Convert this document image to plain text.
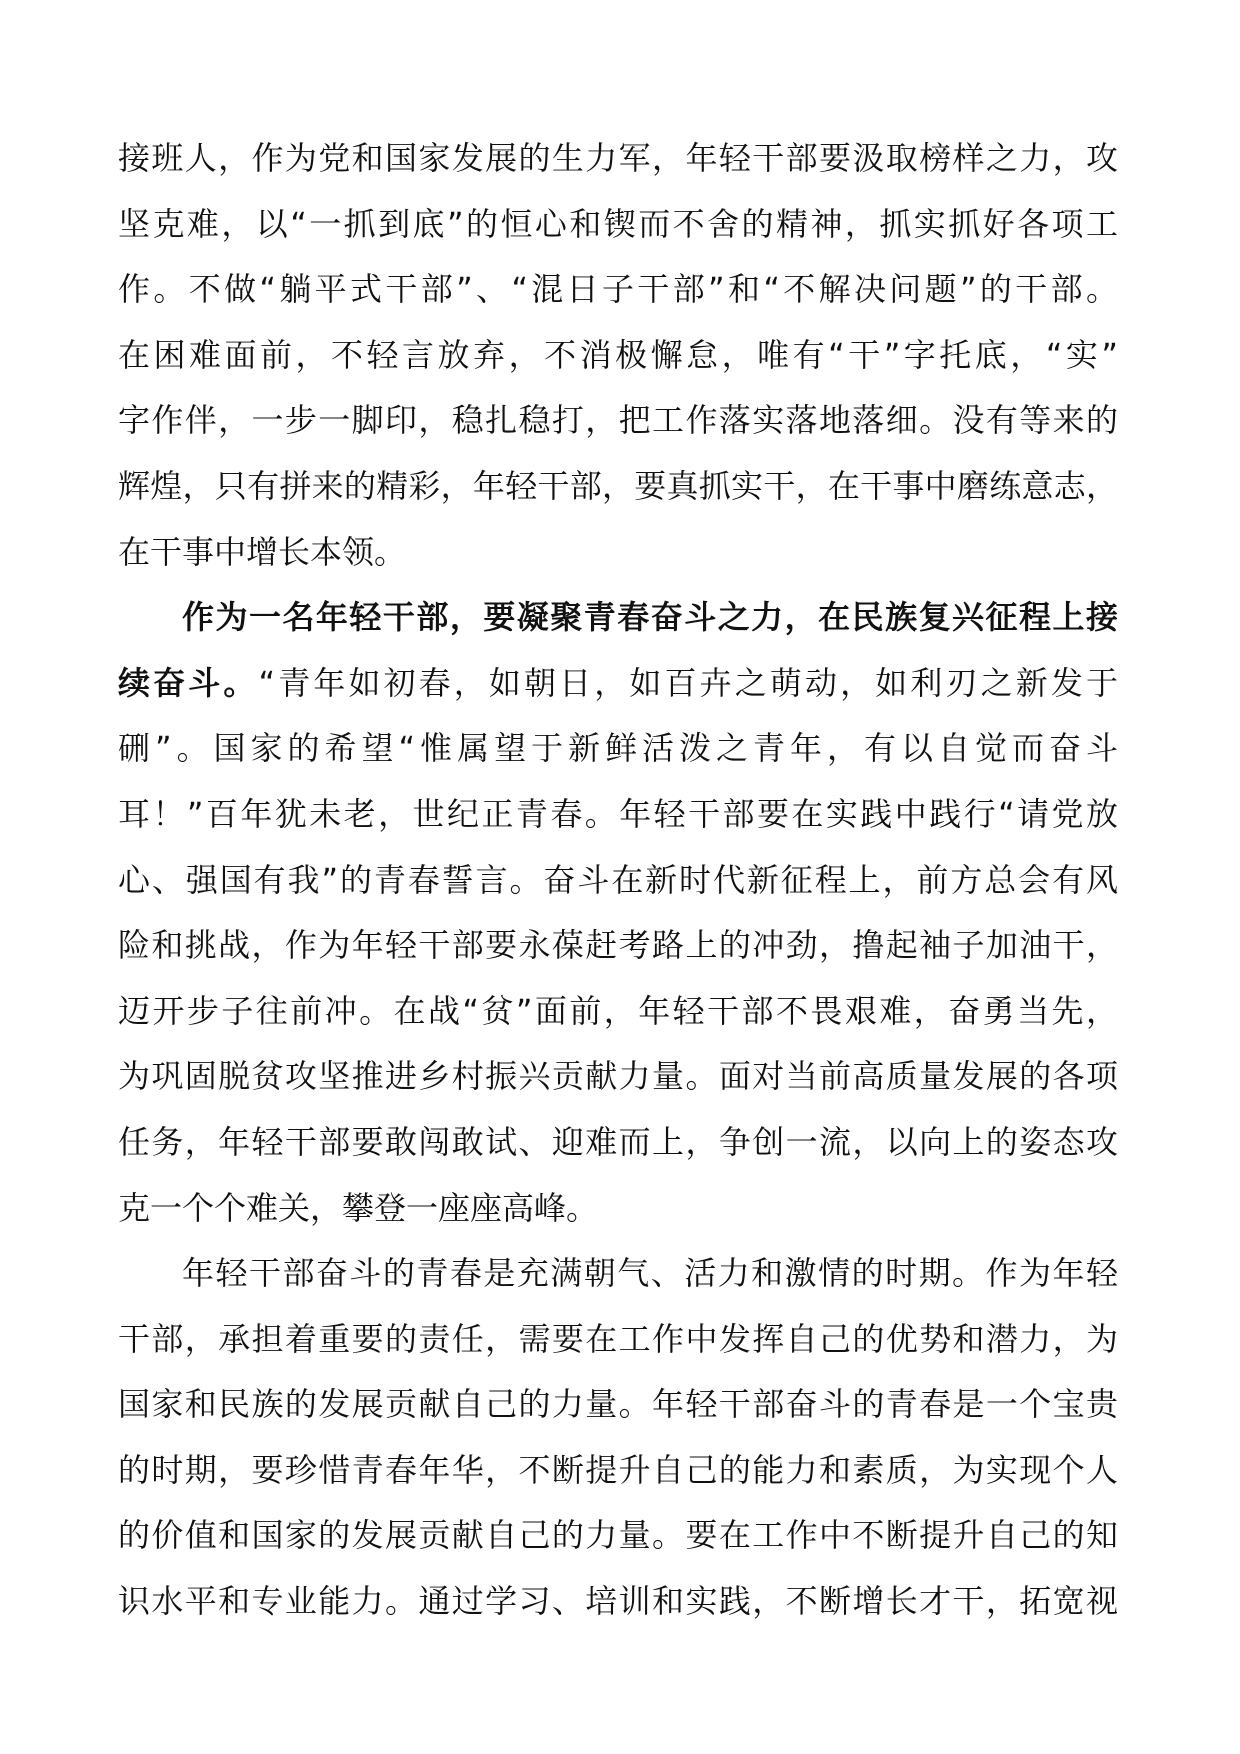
接班人，作为党和国家发展的生力军，年轻干部要汲取榜样之力，攻
坚克难，以“一抓到底”的恒心和锲而不舍的精神，抓实抓好各项工
作。不做“躺平式干部”、“混日子干部”和“不解决问题”的干部。
在困难面前，不轻言放弃，不消极懈怠，唯有“干”字托底，“实”
字作伴，一步一脚印，稳扎稳打，把工作落实落地落细。没有等来的
辉煌，只有拼来的精彩，年轻干部，要真抓实干，在干事中磨练意志，
在干事中增长本领。
作为一名年轻干部，要凝聚青春奋斗之力，在民族复兴征程上接
续奋斗。“青年如初春，如朝日，如百卉之萌动，如利刃之新发于
硎”。国家的希望“惟属望于新鲜活泼之青年，有以自觉而奋斗
耳！”百年犹未老，世纪正青春。年轻干部要在实践中践行“请党放
心、强国有我”的青春誓言。奋斗在新时代新征程上，前方总会有风
险和挑战，作为年轻干部要永葆赶考路上的冲劲，撸起袖子加油干，
迈开步子往前冲。在战“贫”面前，年轻干部不畏艰难，奋勇当先，
为巩固脱贫攻坚推进乡村振兴贡献力量。面对当前高质量发展的各项
任务，年轻干部要敢闯敢试、迎难而上，争创一流，以向上的姿态攻
克一个个难关，攀登一座座高峰。
年轻干部奋斗的青春是充满朝气、活力和激情的时期。作为年轻
干部，承担着重要的责任，需要在工作中发挥自己的优势和潜力，为
国家和民族的发展贡献自己的力量。年轻干部奋斗的青春是一个宝贵
的时期，要珍惜青春年华，不断提升自己的能力和素质，为实现个人
的价值和国家的发展贡献自己的力量。要在工作中不断提升自己的知
识水平和专业能力。通过学习、培训和实践，不断增长才干，拓宽视
